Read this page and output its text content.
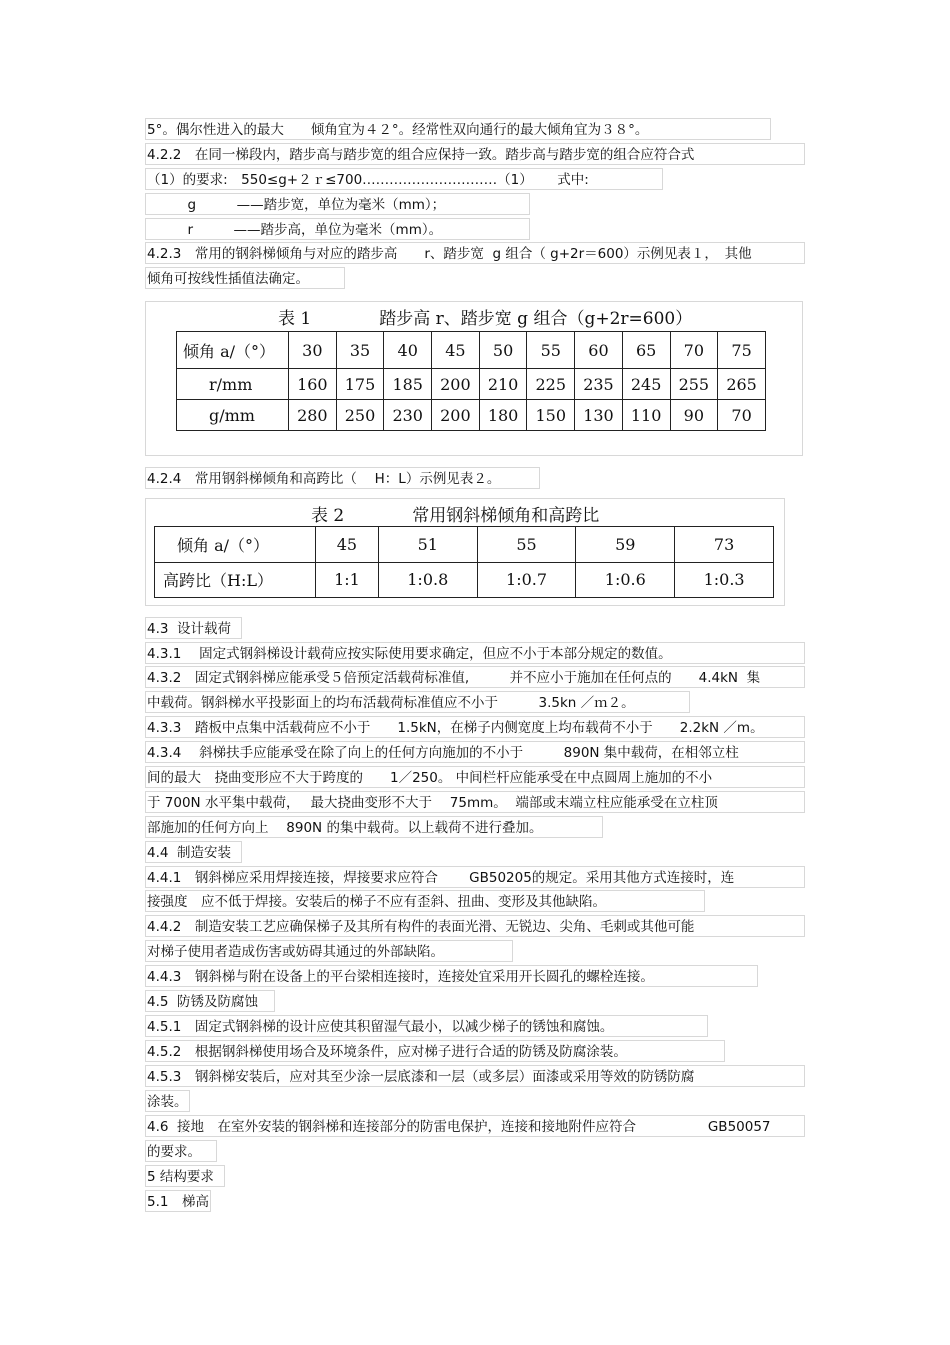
5°。偶尔性进入的最大　　倾角宜为４２°。经常性双向通行的最大倾角宜为３８°。
4.2.2　在同一梯段内，踏步高与踏步宽的组合应保持一致。踏步高与踏步宽的组合应符合式
（1）的要求:　550≤g+２ｒ≤700…………………………（1）　　 式中:
　　　g　　　——踏步宽，单位为毫米（mm）；
　　　r　　　——踏步高，单位为毫米（mm）。
4.2.3　常用的钢斜梯倾角与对应的踏步高　　r、踏步宽  g 组合（ g+2r＝600）示例见表１，　其他
倾角可按线性插值法确定。
表 1　　　　踏步高 r、踏步宽 g 组合（g+2r=600）
倾角 a/（°）	30	35	40	45	50	55	60	65	70	75
r/mm	160	175	185	200	210	225	235	245	255	265
g/mm	280	250	230	200	180	150	130	110	90	70
4.2.4　常用钢斜梯倾角和高跨比（　 H：L）示例见表２。
表 2　　　　常用钢斜梯倾角和高跨比
倾角 a/（°）	45	51	55	59	73
高跨比（H:L）	1:1	1:0.8	1:0.7	1:0.6	1:0.3
4.3  设计载荷
4.3.1　 固定式钢斜梯设计载荷应按实际使用要求确定，但应不小于本部分规定的数值。
4.3.2　固定式钢斜梯应能承受５倍预定活载荷标准值,　　　并不应小于施加在任何点的　　4.4kN  集
中载荷。钢斜梯水平投影面上的均布活载荷标准值应不小于　　　3.5kn ／ｍ２。
4.3.3　踏板中点集中活载荷应不小于　　1.5kN，在梯子内侧宽度上均布载荷不小于　　2.2kN ／m。
4.3.4 　斜梯扶手应能承受在除了向上的任何方向施加的不小于　　　890N 集中载荷，在相邻立柱
间的最大　挠曲变形应不大于跨度的　　1／250。 中间栏杆应能承受在中点圆周上施加的不小
于 700N 水平集中载荷，　 最大挠曲变形不大于　 75mm。  端部或末端立柱应能承受在立柱顶
部施加的任何方向上　 890N 的集中载荷。以上载荷不进行叠加。
4.4  制造安装
4.4.1　钢斜梯应采用焊接连接，焊接要求应符合　　 GB50205的规定。采用其他方式连接时，连
接强度　应不低于焊接。安装后的梯子不应有歪斜、扭曲、变形及其他缺陷。
4.4.2　制造安装工艺应确保梯子及其所有构件的表面光滑、无锐边、尖角、毛刺或其他可能
对梯子使用者造成伤害或妨碍其通过的外部缺陷。
4.4.3　钢斜梯与附在设备上的平台梁相连接时，连接处宜采用开长圆孔的螺栓连接。
4.5  防锈及防腐蚀
4.5.1　固定式钢斜梯的设计应使其积留湿气最小，以减少梯子的锈蚀和腐蚀。
4.5.2　根据钢斜梯使用场合及环境条件，应对梯子进行合适的防锈及防腐涂装。
4.5.3　钢斜梯安装后，应对其至少涂一层底漆和一层（或多层）面漆或采用等效的防锈防腐
涂装。
4.6  接地　在室外安装的钢斜梯和连接部分的防雷电保护，连接和接地附件应符合　　　　　 GB50057
的要求。
5 结构要求
5.1　梯高
